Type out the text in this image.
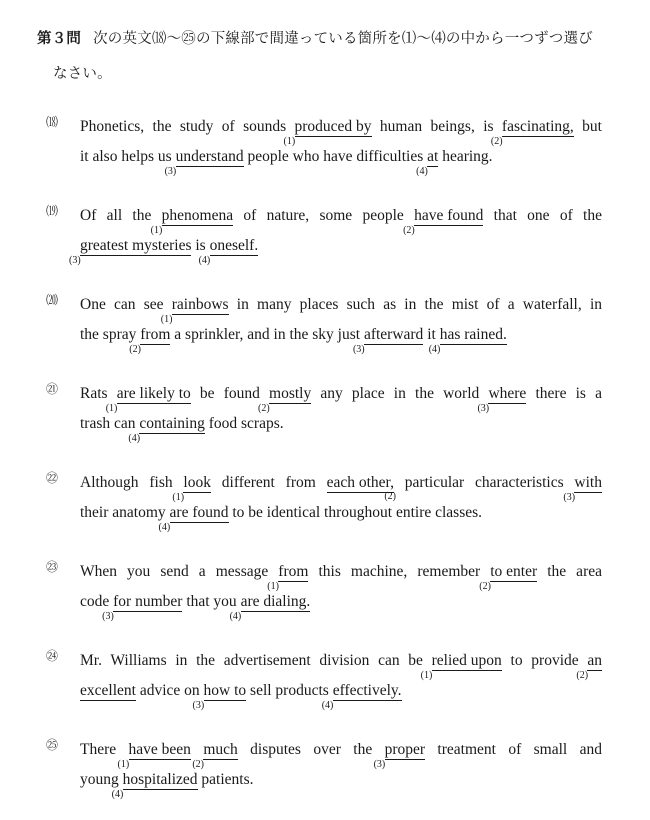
第３問 次の英文⒅〜㉕の下線部で間違っている箇所を⑴〜⑷の中から一つずつ選び
なさい。
⒅ Phonetics, the study of sounds produced by
(1)
human beings, is fascinating,
(2)
but
it also helps us understand
(3)
people who have difficulties at
(4)
hearing.
⒆ Of all the phenomena
(1)
of nature, some people have found
(2)
that one of the
greatest mysteries
(3)
is oneself.
(4)
⒇ One can see rainbows
(1)
in many places such as in the mist of a waterfall, in
the spray from
(2)
a sprinkler, and in the sky just afterward
(3)
it has rained.
(4)
㉑ Rats are likely to
(1)
be found mostly
(2)
any place in the world where
(3)
there is a
trash can containing
(4)
food scraps.
㉒ Although fish look
(1)
different from each other,
(2)
particular characteristics with
(3)
their anatomy are found
(4)
to be identical throughout entire classes.
㉓ When you send a message from
(1)
this machine, remember to enter
(2)
the area
code for number
(3)
that you are dialing.
(4)
㉔ Mr. Williams in the advertisement division can be relied upon
(1)
to provide an
(2)
excellent advice on how to
(3)
sell products effectively.
(4)
㉕ There have been
(1)
much
(2)
disputes over the proper
(3)
treatment of small and
young hospitalized
(4)
patients.
